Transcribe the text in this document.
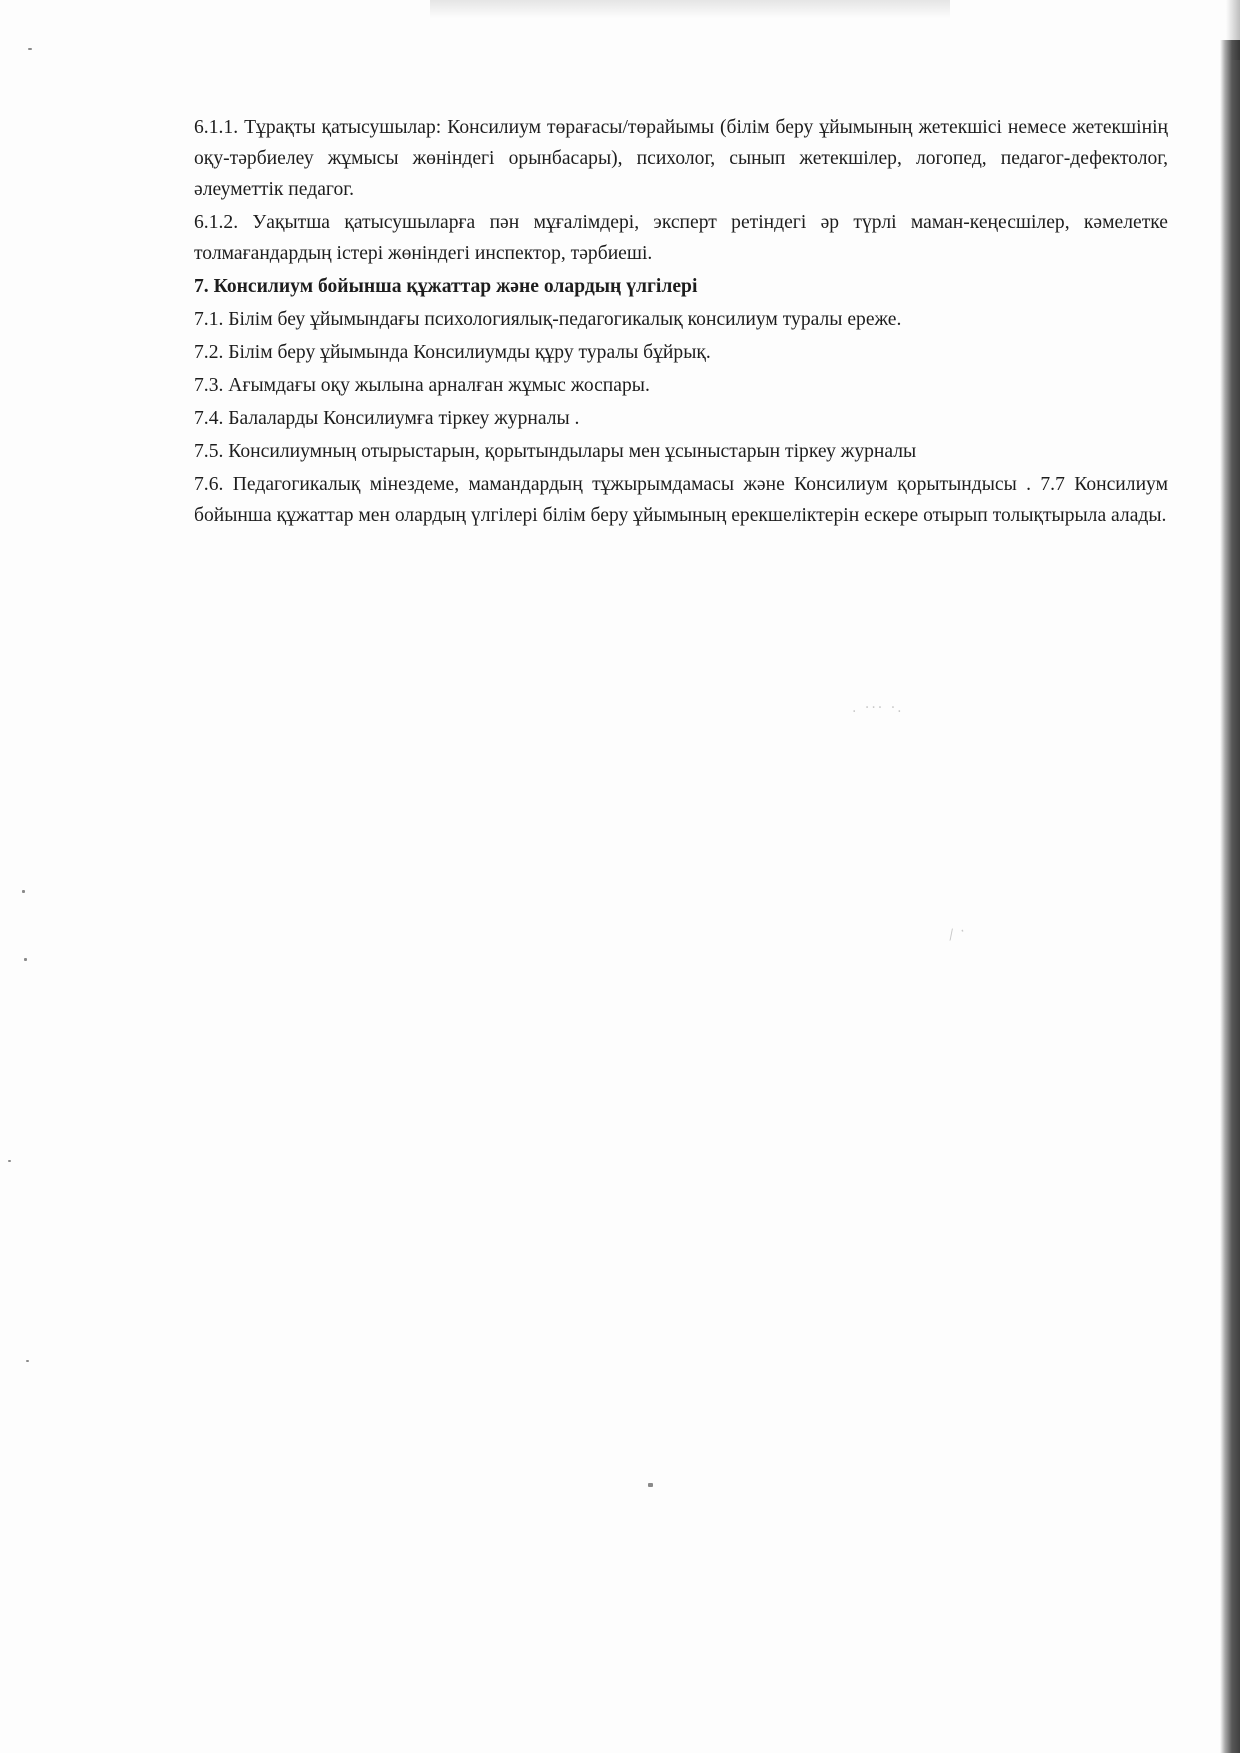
. ··· ·.
⁄ ·

6.1.1. Тұрақты қатысушылар: Консилиум төрағасы/төрайымы (білім беру ұйымының жетекшісі немесе жетекшінің оқу-тәрбиелеу жұмысы жөніндегі орынбасары), психолог, сынып жетекшілер, логопед, педагог-дефектолог, әлеуметтік педагог.

6.1.2. Уақытша қатысушыларға пән мұғалімдері, эксперт ретіндегі әр түрлі маман-кеңесшілер, кәмелетке толмағандардың істері жөніндегі инспектор, тәрбиеші.

7. Консилиум бойынша құжаттар және олардың үлгілері

7.1. Білім беу ұйымындағы психологиялық-педагогикалық консилиум туралы ереже.

7.2. Білім беру ұйымында Консилиумды құру туралы бұйрық.

7.3. Ағымдағы оқу жылына арналған жұмыс жоспары.

7.4. Балаларды Консилиумға тіркеу журналы .

7.5. Консилиумның отырыстарын, қорытындылары мен ұсыныстарын тіркеу журналы

7.6. Педагогикалық мінездеме, мамандардың тұжырымдамасы және Консилиум қорытындысы . 7.7 Консилиум бойынша құжаттар мен олардың үлгілері білім беру ұйымының ерекшеліктерін ескере отырып толықтырыла алады.
